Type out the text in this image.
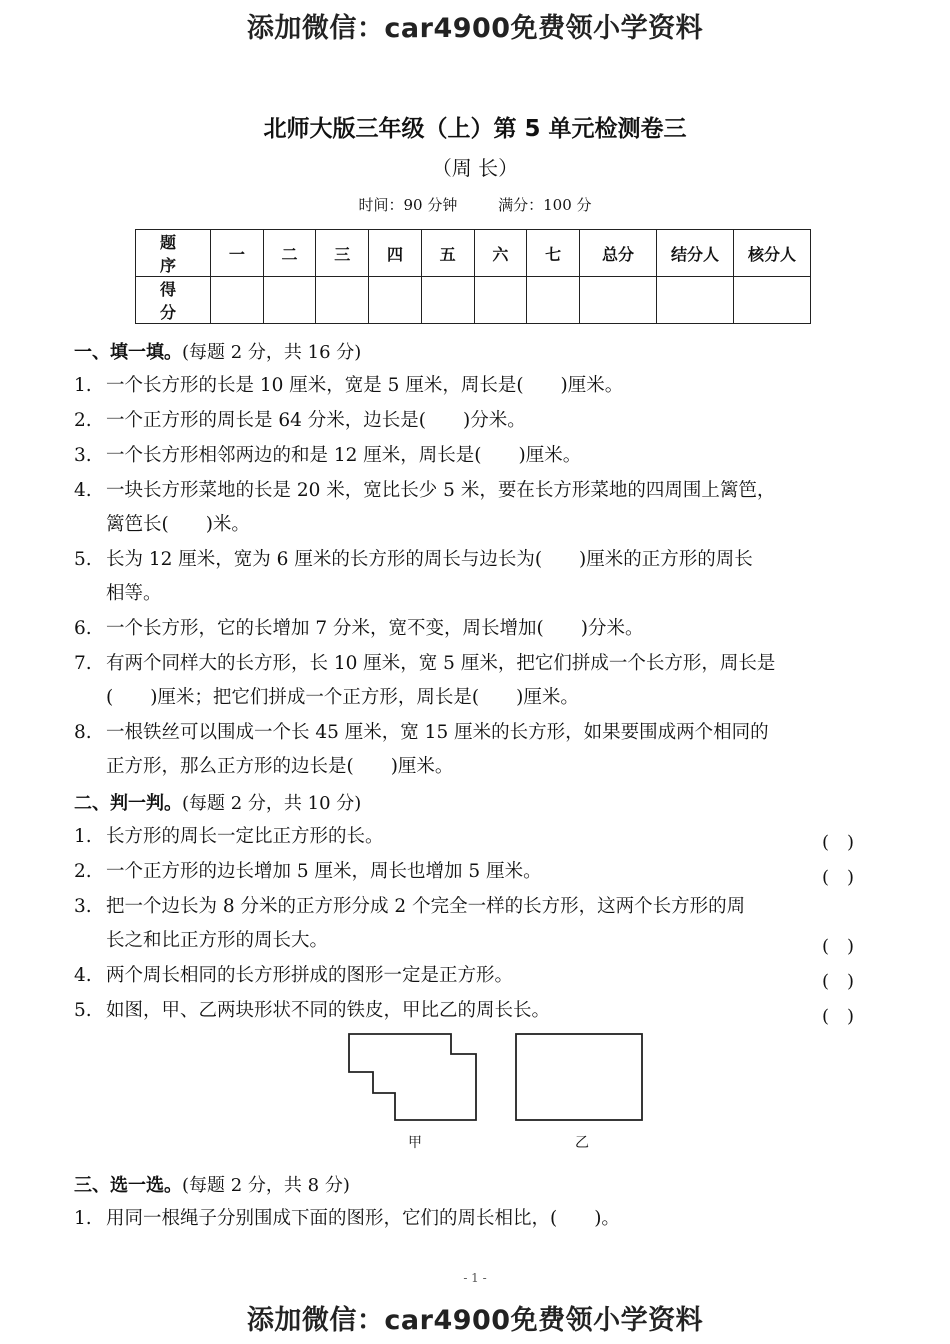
添加微信：car4900免费领小学资料
北师大版三年级（上）第 5 单元检测卷三
（周 长）
时间：90 分钟	满分：100 分
题　序	一	二	三	四	五	六	七	总分	结分人	核分人
得　分										
一、填一填。(每题 2 分，共 16 分)
1. 一个长方形的长是 10 厘米，宽是 5 厘米，周长是(　　)厘米。
2. 一个正方形的周长是 64 分米，边长是(　　)分米。
3. 一个长方形相邻两边的和是 12 厘米，周长是(　　)厘米。
4. 一块长方形菜地的长是 20 米，宽比长少 5 米，要在长方形菜地的四周围上篱笆，
篱笆长(　　)米。
5. 长为 12 厘米，宽为 6 厘米的长方形的周长与边长为(　　)厘米的正方形的周长
相等。
6. 一个长方形，它的长增加 7 分米，宽不变，周长增加(　　)分米。
7. 有两个同样大的长方形，长 10 厘米，宽 5 厘米，把它们拼成一个长方形，周长是
(　　)厘米；把它们拼成一个正方形，周长是(　　)厘米。
8. 一根铁丝可以围成一个长 45 厘米，宽 15 厘米的长方形，如果要围成两个相同的
正方形，那么正方形的边长是(　　)厘米。
二、判一判。(每题 2 分，共 10 分)
1. 长方形的周长一定比正方形的长。	(　)
2. 一个正方形的边长增加 5 厘米，周长也增加 5 厘米。	(　)
3. 把一个边长为 8 分米的正方形分成 2 个完全一样的长方形，这两个长方形的周
长之和比正方形的周长大。	(　)
4. 两个周长相同的长方形拼成的图形一定是正方形。	(　)
5. 如图，甲、乙两块形状不同的铁皮，甲比乙的周长长。	(　)
甲	乙
三、选一选。(每题 2 分，共 8 分)
1. 用同一根绳子分别围成下面的图形，它们的周长相比，(　　)。
- 1 -
添加微信：car4900免费领小学资料
